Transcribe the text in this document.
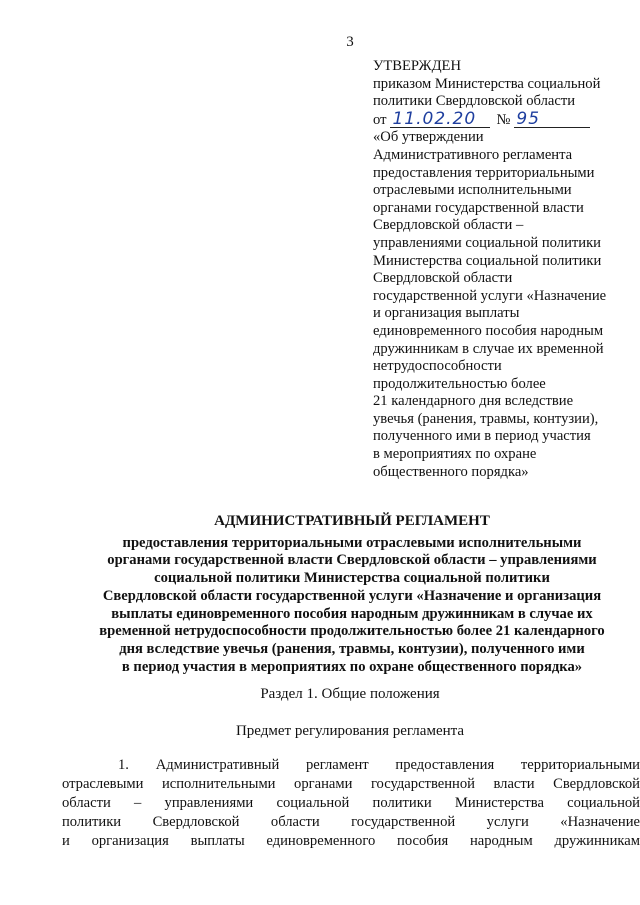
3
УТВЕРЖДЕН
приказом Министерства социальной
политики Свердловской области
от 11.02.20	№ 95
«Об утверждении
Административного регламента
предоставления территориальными
отраслевыми исполнительными
органами государственной власти
Свердловской области –
управлениями социальной политики
Министерства социальной политики
Свердловской области
государственной услуги «Назначение
и организация выплаты
единовременного пособия народным
дружинникам в случае их временной
нетрудоспособности
продолжительностью более
21 календарного дня вследствие
увечья (ранения, травмы, контузии),
полученного ими в период участия
в мероприятиях по охране
общественного порядка»
АДМИНИСТРАТИВНЫЙ РЕГЛАМЕНТ
предоставления территориальными отраслевыми исполнительными
органами государственной власти Свердловской области – управлениями
социальной политики Министерства социальной политики
Свердловской области государственной услуги «Назначение и организация
выплаты единовременного пособия народным дружинникам в случае их
временной нетрудоспособности продолжительностью более 21 календарного
дня вследствие увечья (ранения, травмы, контузии), полученного ими
в период участия в мероприятиях по охране общественного порядка»
Раздел 1. Общие положения
Предмет регулирования регламента
1. Административный регламент предоставления территориальными
отраслевыми исполнительными органами государственной власти Свердловской
области – управлениями социальной политики Министерства социальной
политики Свердловской области государственной услуги «Назначение
и организация выплаты единовременного пособия народным дружинникам
